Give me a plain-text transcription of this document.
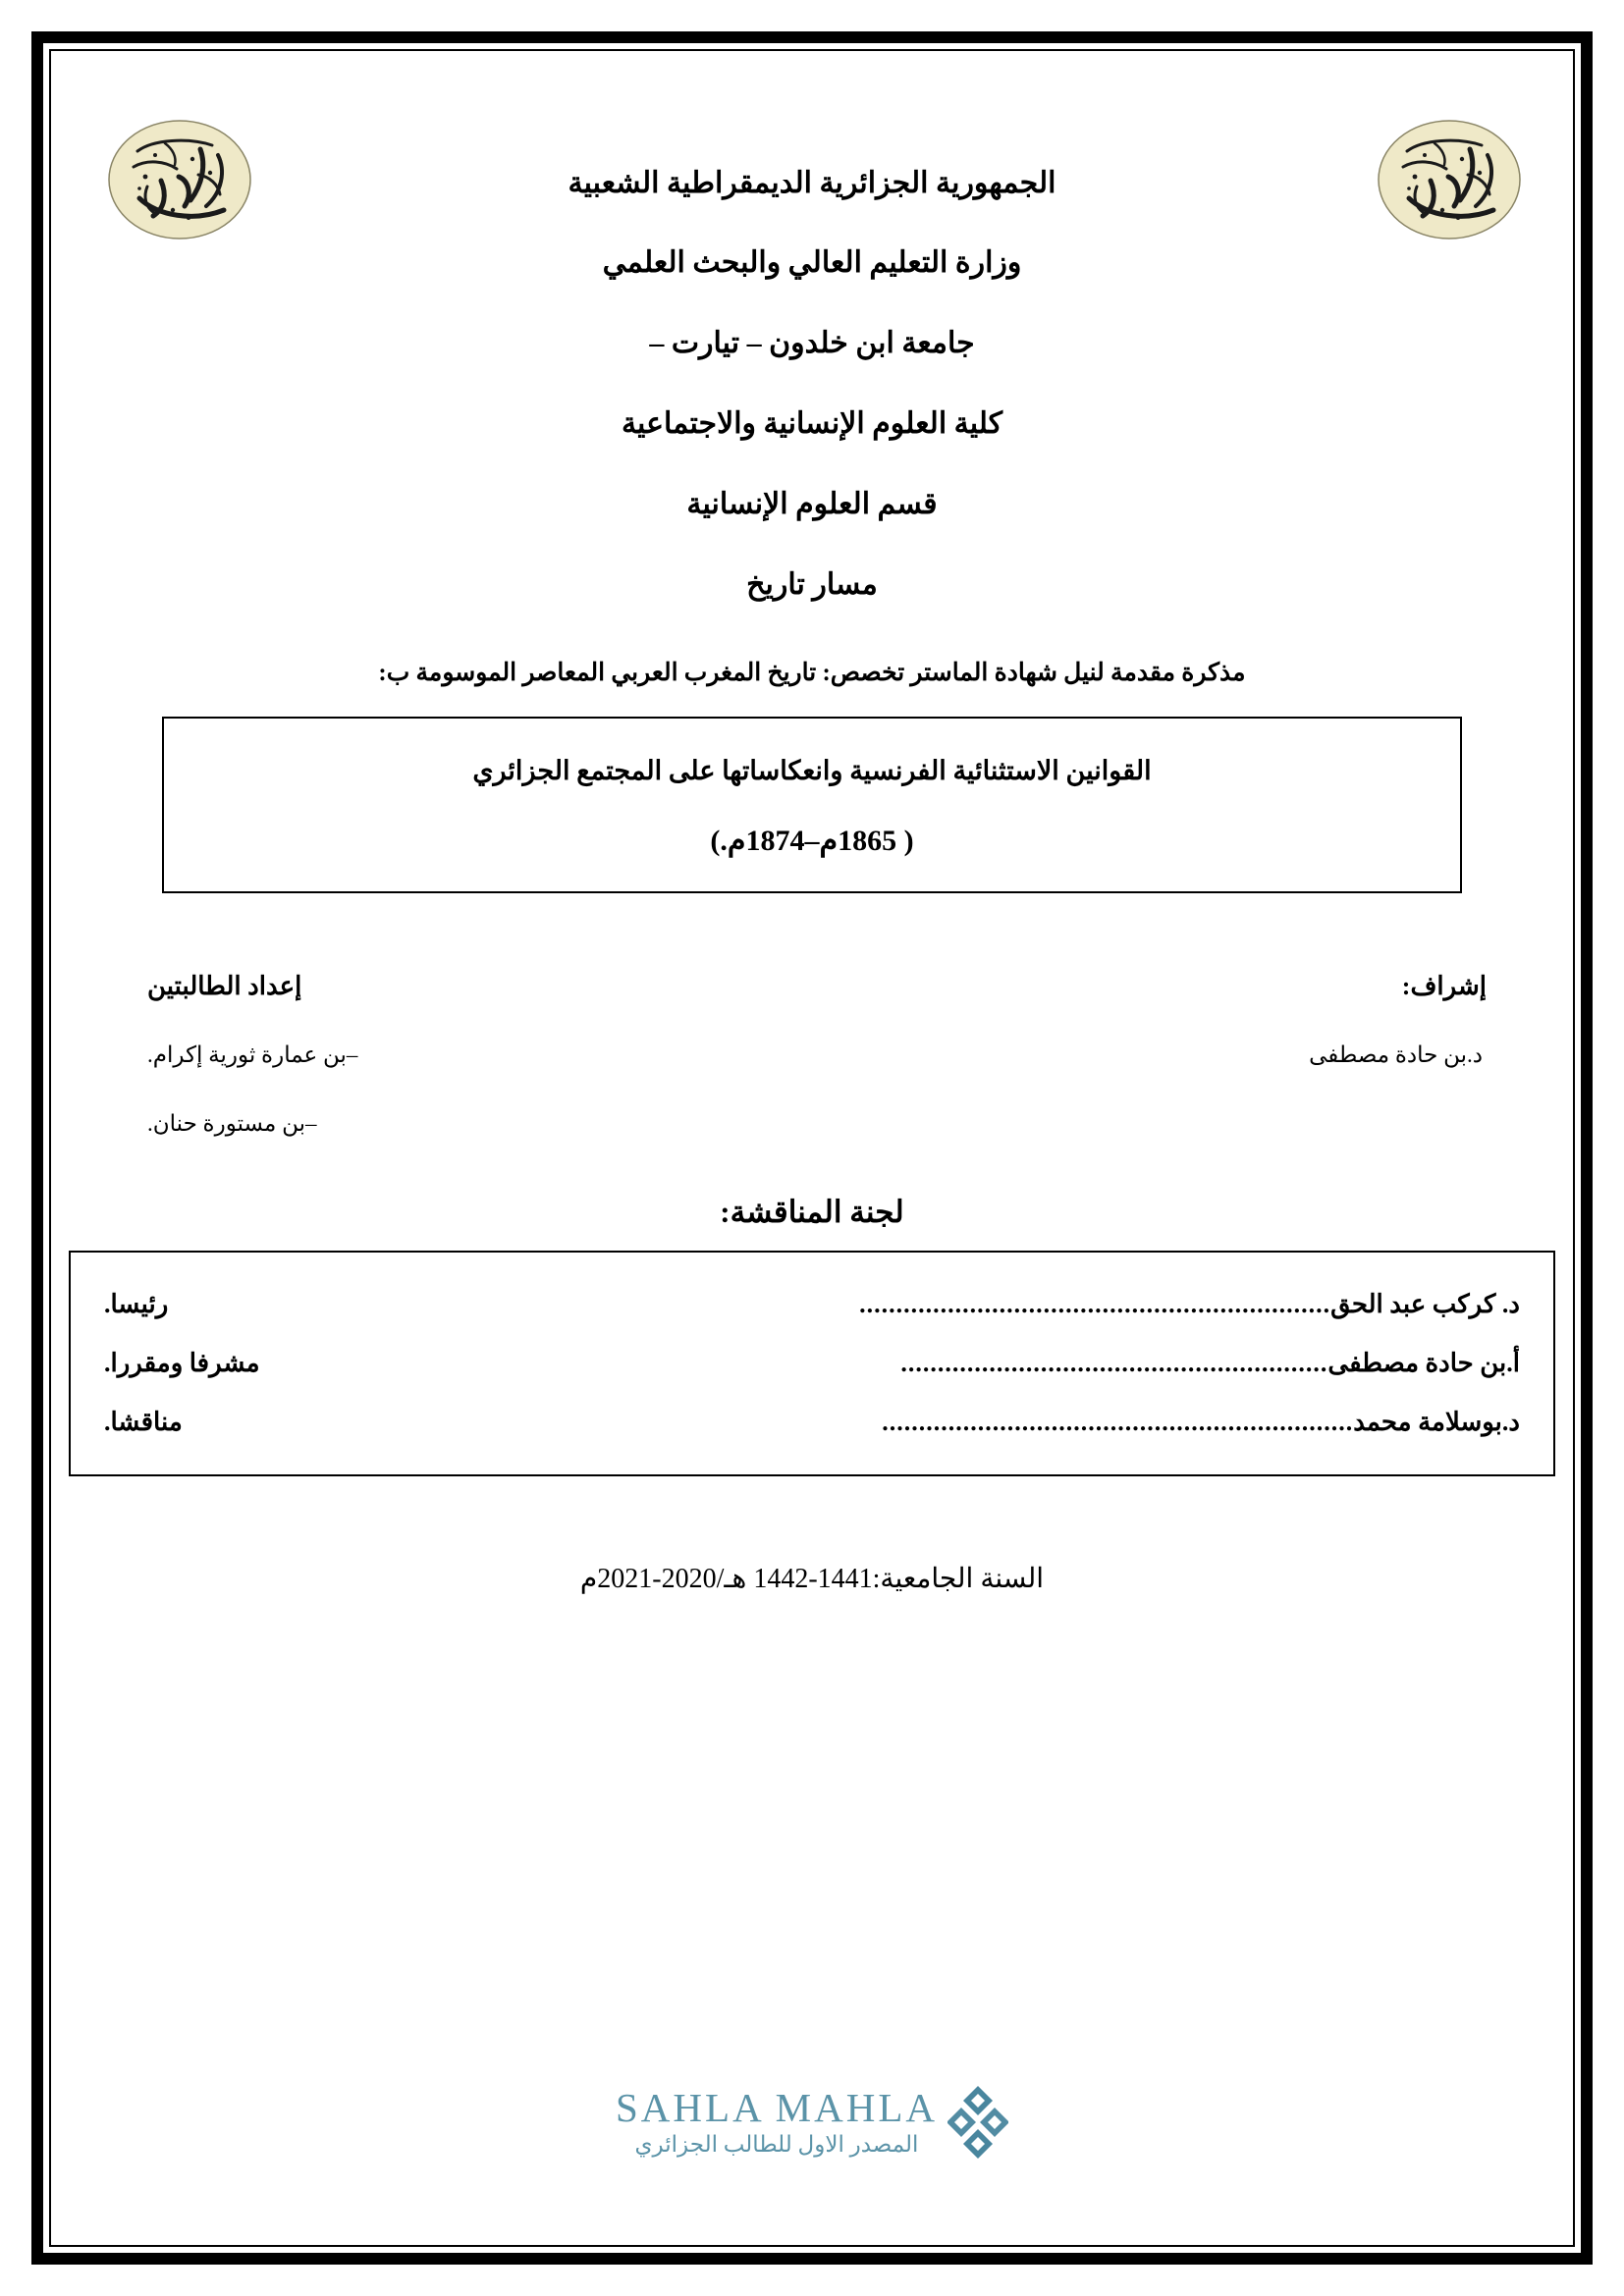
الجمهورية الجزائرية الديمقراطية الشعبية
وزارة التعليم العالي والبحث العلمي
جامعة ابن خلدون – تيارت –
كلية العلوم الإنسانية والاجتماعية
قسم العلوم الإنسانية
مسار تاريخ
مذكرة مقدمة لنيل شهادة الماستر تخصص: تاريخ المغرب العربي المعاصر الموسومة ب:
القوانين الاستثنائية الفرنسية وانعكاساتها على المجتمع الجزائري
( 1865م–1874م.)
إشراف:
إعداد الطالبتين
د.بن حادة مصطفى
–بن عمارة ثورية إكرام.
–بن مستورة حنان.
لجنة المناقشة:
د. كركب عبد الحق
................................................................
رئيسا.
أ.بن حادة مصطفى
..........................................................
مشرفا ومقررا.
د.بوسلامة محمد
................................................................
مناقشا.
السنة الجامعية:1441-1442 هـ/2020-2021م
SAHLA MAHLA
المصدر الاول للطالب الجزائري
